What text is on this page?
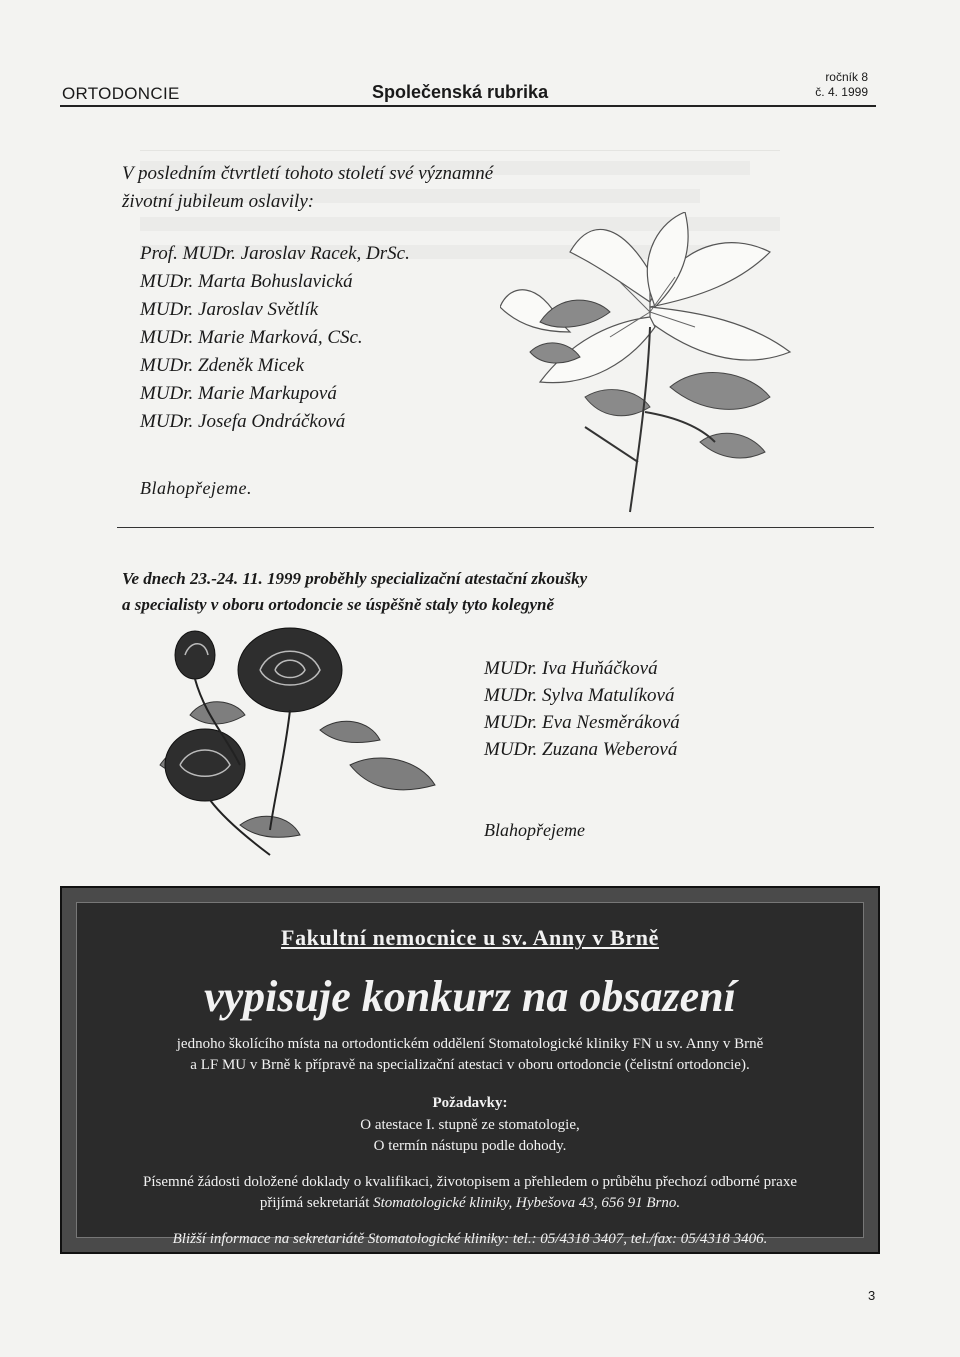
ORTODONCIE	Společenská rubrika
ročník 8
č. 4. 1999
V posledním čtvrtletí tohoto století své významné
životní jubileum oslavily:
Prof. MUDr. Jaroslav Racek, DrSc.
MUDr. Marta Bohuslavická
MUDr. Jaroslav Světlík
MUDr. Marie Marková, CSc.
MUDr. Zdeněk Micek
MUDr. Marie Markupová
MUDr. Josefa Ondráčková
Blahopřejeme.
Ve dnech 23.-24. 11. 1999 proběhly specializační atestační zkoušky
a specialisty v oboru ortodoncie se úspěšně staly tyto kolegyně
MUDr. Iva Huňáčková
MUDr. Sylva Matulíková
MUDr. Eva Nesměráková
MUDr. Zuzana Weberová
Blahopřejeme
Fakultní nemocnice u sv. Anny v Brně
vypisuje konkurz na obsazení
jednoho školícího místa na ortodontickém oddělení Stomatologické kliniky FN u sv. Anny v Brně
a LF MU v Brně k přípravě na specializační atestaci v oboru ortodoncie (čelistní ortodoncie).
Požadavky:
O atestace I. stupně ze stomatologie,
O termín nástupu podle dohody.
Písemné žádosti doložené doklady o kvalifikaci, životopisem a přehledem o průběhu přechozí odborné praxe
přijímá sekretariát Stomatologické kliniky, Hybešova 43, 656 91 Brno.
Bližší informace na sekretariátě Stomatologické kliniky: tel.: 05/4318 3407, tel./fax: 05/4318 3406.
3
